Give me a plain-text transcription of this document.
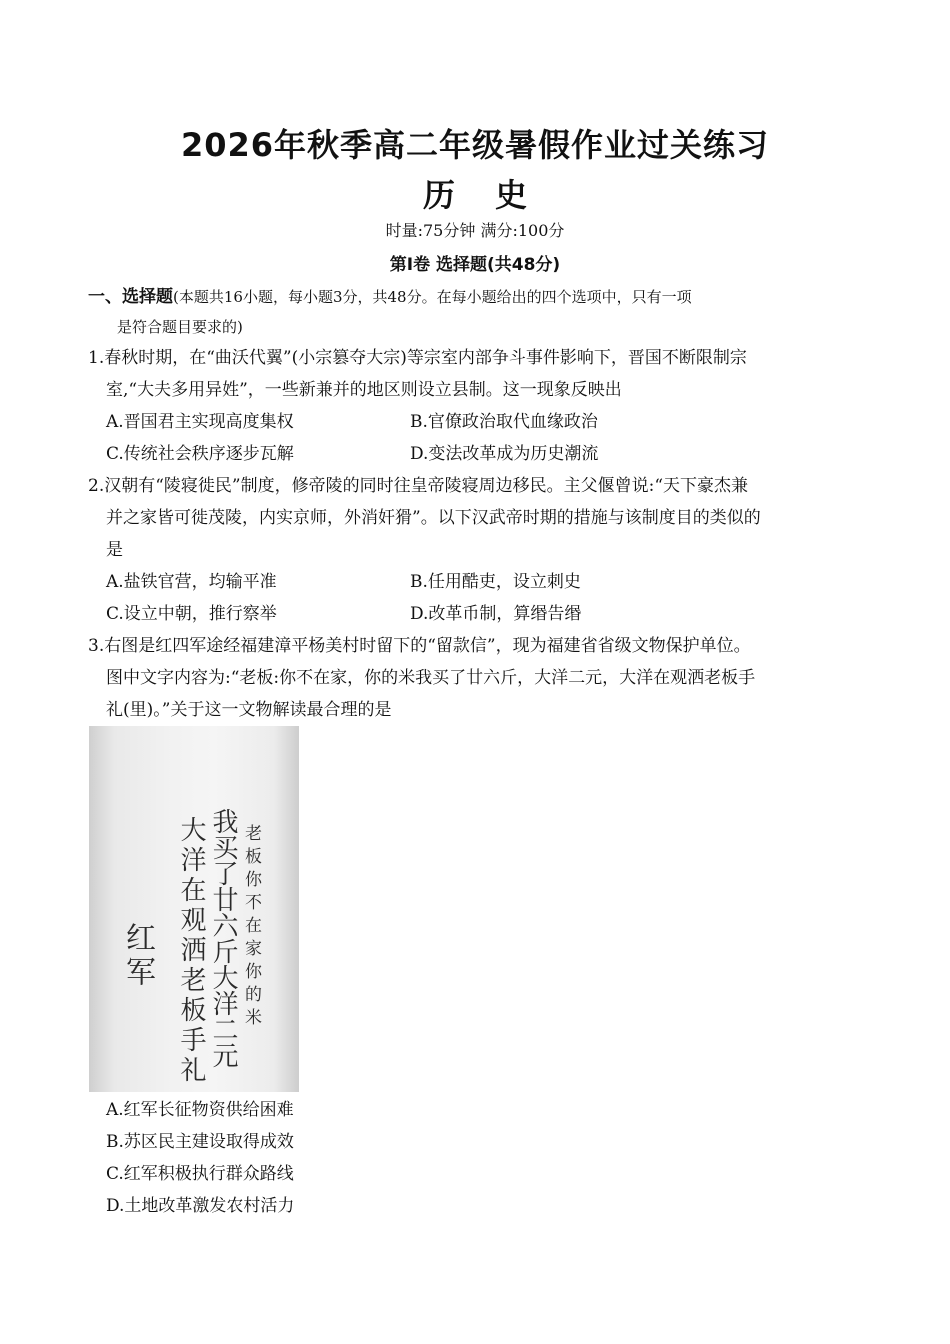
2026年秋季高二年级暑假作业过关练习
历史
时量:75分钟 满分:100分
第Ⅰ卷 选择题(共48分)
一、选择题(本题共16小题，每小题3分，共48分。在每小题给出的四个选项中，只有一项
是符合题目要求的)
1.春秋时期，在“曲沃代翼”(小宗篡夺大宗)等宗室内部争斗事件影响下，晋国不断限制宗
室,“大夫多用异姓”，一些新兼并的地区则设立县制。这一现象反映出
A.晋国君主实现高度集权	B.官僚政治取代血缘政治
C.传统社会秩序逐步瓦解	D.变法改革成为历史潮流
2.汉朝有“陵寝徙民”制度，修帝陵的同时往皇帝陵寝周边移民。主父偃曾说:“天下豪杰兼
并之家皆可徙茂陵，内实京师，外消奸猾”。以下汉武帝时期的措施与该制度目的类似的
是
A.盐铁官营，均输平准	B.任用酷吏，设立刺史
C.设立中朝，推行察举	D.改革币制，算缗告缗
3.右图是红四军途经福建漳平杨美村时留下的“留款信”，现为福建省省级文物保护单位。
图中文字内容为:“老板:你不在家，你的米我买了廿六斤，大洋二元，大洋在观洒老板手
礼(里)。”关于这一文物解读最合理的是
老板你不在家你的米
我买了廿六斤大洋二元
大洋在观洒老板手礼
红军
A.红军长征物资供给困难
B.苏区民主建设取得成效
C.红军积极执行群众路线
D.土地改革激发农村活力
